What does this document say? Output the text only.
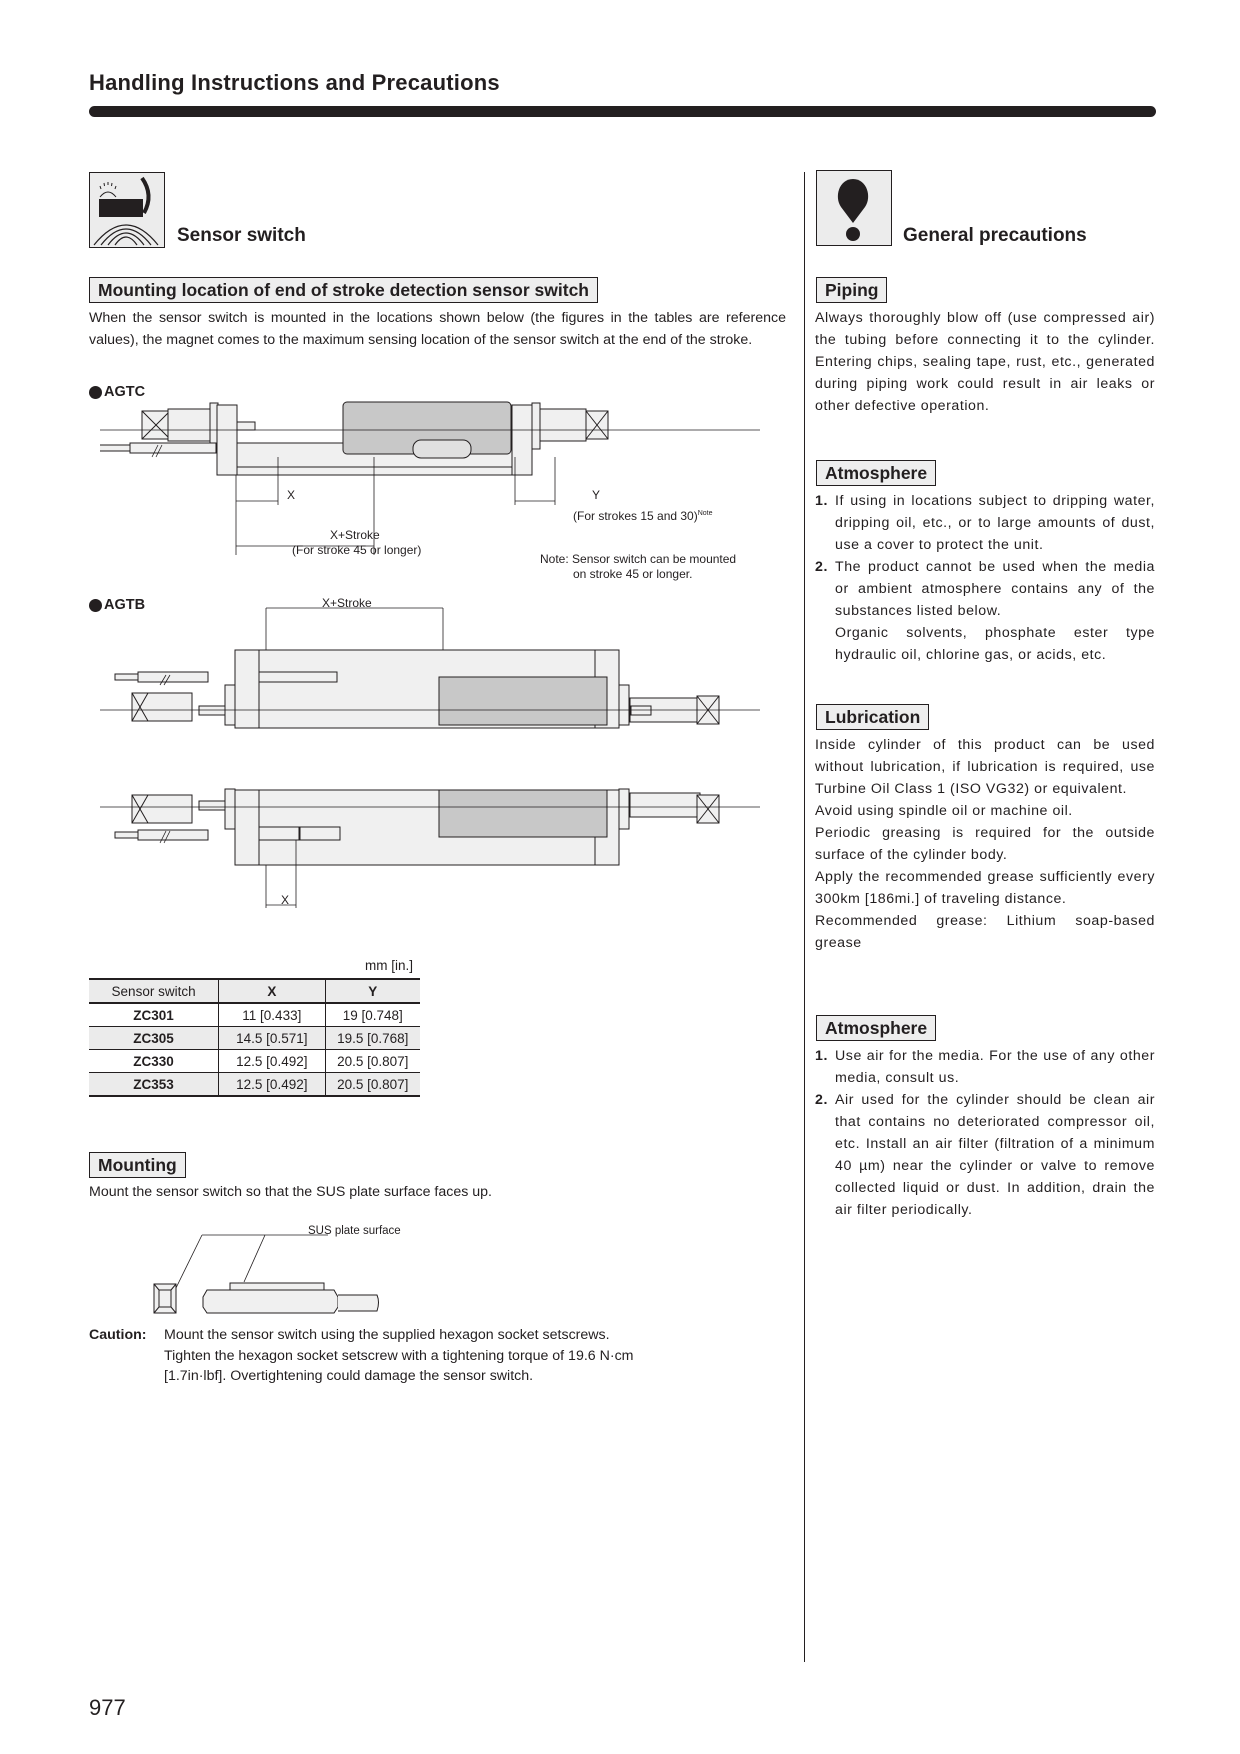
Handling Instructions and Precautions
Sensor switch
Mounting location of end of stroke detection sensor switch
When the sensor switch is mounted in the locations shown below (the figures in the tables are reference values), the magnet comes to the maximum sensing location of the sensor switch at the end of the stroke.
AGTC
X	Y
(For strokes 15 and 30)$^{Note}$
X+Stroke
(For stroke 45 or longer)
Note: Sensor switch can be mounted
on stroke 45 or longer.
AGTB	X+Stroke
X
mm [in.]
Sensor switch	X	Y
ZC301	11 [0.433]	19 [0.748]
ZC305	14.5 [0.571]	19.5 [0.768]
ZC330	12.5 [0.492]	20.5 [0.807]
ZC353	12.5 [0.492]	20.5 [0.807]
Mounting
Mount the sensor switch so that the SUS plate surface faces up.
SUS plate surface
Caution:	Mount the sensor switch using the supplied hexagon socket setscrews.
Tighten the hexagon socket setscrew with a tightening torque of 19.6 N·cm
[1.7in·lbf]. Overtightening could damage the sensor switch.
General precautions
Piping
Always thoroughly blow off (use compressed air) the tubing before connecting it to the cylinder. Entering chips, sealing tape, rust, etc., generated during piping work could result in air leaks or other defective operation.
Atmosphere
1. If using in locations subject to dripping water, dripping oil, etc., or to large amounts of dust, use a cover to protect the unit.
2. The product cannot be used when the media or ambient atmosphere contains any of the substances listed below.
Organic solvents, phosphate ester type hydraulic oil, chlorine gas, or acids, etc.
Lubrication
Inside cylinder of this product can be used without lubrication, if lubrication is required, use Turbine Oil Class 1 (ISO VG32) or equivalent.
Avoid using spindle oil or machine oil.
Periodic greasing is required for the outside surface of the cylinder body.
Apply the recommended grease sufficiently every 300km [186mi.] of traveling distance.
Recommended grease: Lithium soap-based grease
Atmosphere
1. Use air for the media. For the use of any other media, consult us.
2. Air used for the cylinder should be clean air that contains no deteriorated compressor oil, etc. Install an air filter (filtration of a minimum 40 µm) near the cylinder or valve to remove collected liquid or dust. In addition, drain the air filter periodically.
977
